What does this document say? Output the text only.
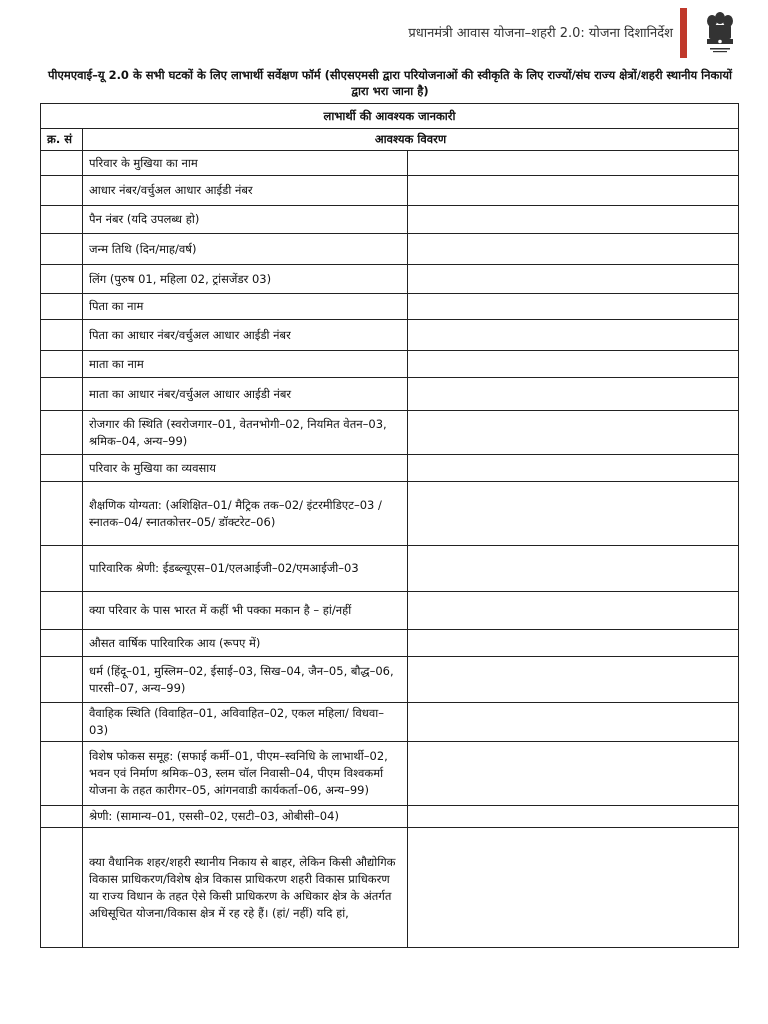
प्रधानमंत्री आवास योजना–शहरी 2.0: योजना दिशानिर्देश
पीएमएवाई–यू 2.0 के सभी घटकों के लिए लाभार्थी सर्वेक्षण फॉर्म (सीएसएमसी द्वारा परियोजनाओं की स्वीकृति के लिए राज्यों/संघ राज्य क्षेत्रों/शहरी स्थानीय निकायों द्वारा भरा जाना है)
लाभार्थी की आवश्यक जानकारी		
क्र. सं	आवश्यक विवरण	
	परिवार के मुखिया का नाम	
	आधार नंबर/वर्चुअल आधार आईडी नंबर	
	पैन नंबर (यदि उपलब्ध हो)	
	जन्म तिथि (दिन/माह/वर्ष)	
	लिंग (पुरुष 01, महिला 02, ट्रांसजेंडर 03)	
	पिता का नाम	
	पिता का आधार नंबर/वर्चुअल आधार आईडी नंबर	
	माता का नाम	
	माता का आधार नंबर/वर्चुअल आधार आईडी नंबर	
	रोजगार की स्थिति (स्वरोजगार–01, वेतनभोगी–02, नियमित वेतन–03, श्रमिक–04, अन्य–99)	
	परिवार के मुखिया का व्यवसाय	
	शैक्षणिक योग्यता: (अशिक्षित–01/ मैट्रिक तक–02/ इंटरमीडिएट–03 /स्नातक–04/ स्नातकोत्तर–05/ डॉक्टरेट–06)	
	पारिवारिक श्रेणी: ईडब्ल्यूएस–01/एलआईजी–02/एमआईजी–03	
	क्या परिवार के पास भारत में कहीं भी पक्का मकान है – हां/नहीं	
	औसत वार्षिक पारिवारिक आय (रूपए में)	
	धर्म (हिंदू–01, मुस्लिम–02, ईसाई–03, सिख–04, जैन–05, बौद्ध–06, पारसी–07, अन्य–99)	
	वैवाहिक स्थिति (विवाहित–01, अविवाहित–02, एकल महिला/ विधवा–03)	
	विशेष फोकस समूह: (सफाई कर्मी–01, पीएम–स्वनिधि के लाभार्थी–02, भवन एवं निर्माण श्रमिक–03, स्लम चॉल निवासी–04, पीएम विश्वकर्मा योजना के तहत कारीगर–05, आंगनवाडी कार्यकर्ता–06, अन्य–99)	
	श्रेणी: (सामान्य–01, एससी–02, एसटी–03, ओबीसी–04)	
	क्या वैधानिक शहर/शहरी स्थानीय निकाय से बाहर, लेकिन किसी औद्योगिक विकास प्राधिकरण/विशेष क्षेत्र विकास प्राधिकरण शहरी विकास प्राधिकरण या राज्य विधान के तहत ऐसे किसी प्राधिकरण के अधिकार क्षेत्र के अंतर्गत अधिसूचित योजना/विकास क्षेत्र में रह रहे हैं। (हां/ नहीं) यदि हां,	
